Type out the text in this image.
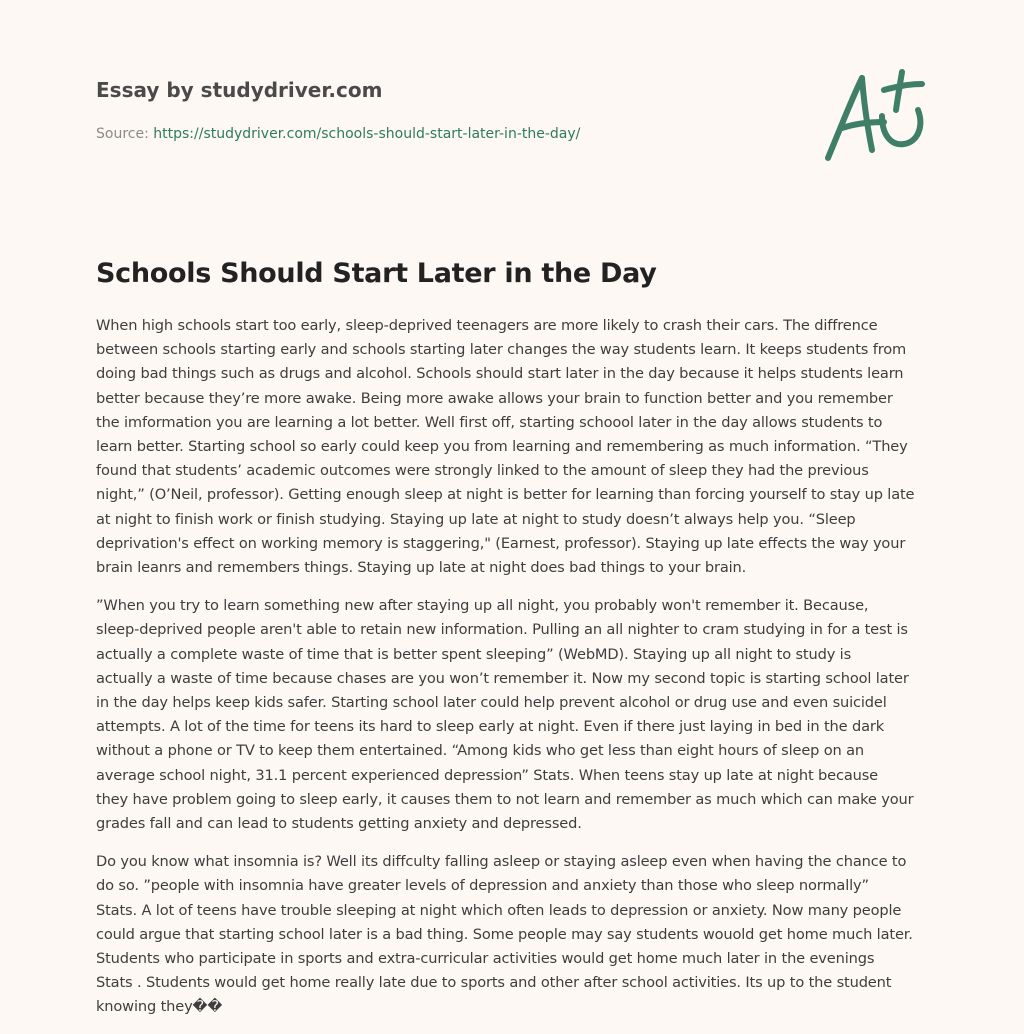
Essay by studydriver.com
Source: https://studydriver.com/schools-should-start-later-in-the-day/
Schools Should Start Later in the Day

When high schools start too early, sleep-deprived teenagers are more likely to crash their cars. The diffrence
between schools starting early and schools starting later changes the way students learn. It keeps students from
doing bad things such as drugs and alcohol. Schools should start later in the day because it helps students learn
better because they’re more awake. Being more awake allows your brain to function better and you remember
the imformation you are learning a lot better. Well first off, starting schoool later in the day allows students to
learn better. Starting school so early could keep you from learning and remembering as much information. “They
found that students’ academic outcomes were strongly linked to the amount of sleep they had the previous
night,” (O’Neil, professor). Getting enough sleep at night is better for learning than forcing yourself to stay up late
at night to finish work or finish studying. Staying up late at night to study doesn’t always help you. “Sleep
deprivation's effect on working memory is staggering," (Earnest, professor). Staying up late effects the way your
brain leanrs and remembers things. Staying up late at night does bad things to your brain.

”When you try to learn something new after staying up all night, you probably won't remember it. Because,
sleep-deprived people aren't able to retain new information. Pulling an all nighter to cram studying in for a test is
actually a complete waste of time that is better spent sleeping” (WebMD). Staying up all night to study is
actually a waste of time because chases are you won’t remember it. Now my second topic is starting school later
in the day helps keep kids safer. Starting school later could help prevent alcohol or drug use and even suicidel
attempts. A lot of the time for teens its hard to sleep early at night. Even if there just laying in bed in the dark
without a phone or TV to keep them entertained. “Among kids who get less than eight hours of sleep on an
average school night, 31.1 percent experienced depression” Stats. When teens stay up late at night because
they have problem going to sleep early, it causes them to not learn and remember as much which can make your
grades fall and can lead to students getting anxiety and depressed.

Do you know what insomnia is? Well its diffculty falling asleep or staying asleep even when having the chance to
do so. ”people with insomnia have greater levels of depression and anxiety than those who sleep normally”
Stats. A lot of teens have trouble sleeping at night which often leads to depression or anxiety. Now many people
could argue that starting school later is a bad thing. Some people may say students wouold get home much later.
Students who participate in sports and extra-curricular activities would get home much later in the evenings
Stats . Students would get home really late due to sports and other after school activities. Its up to the student
knowing they��
